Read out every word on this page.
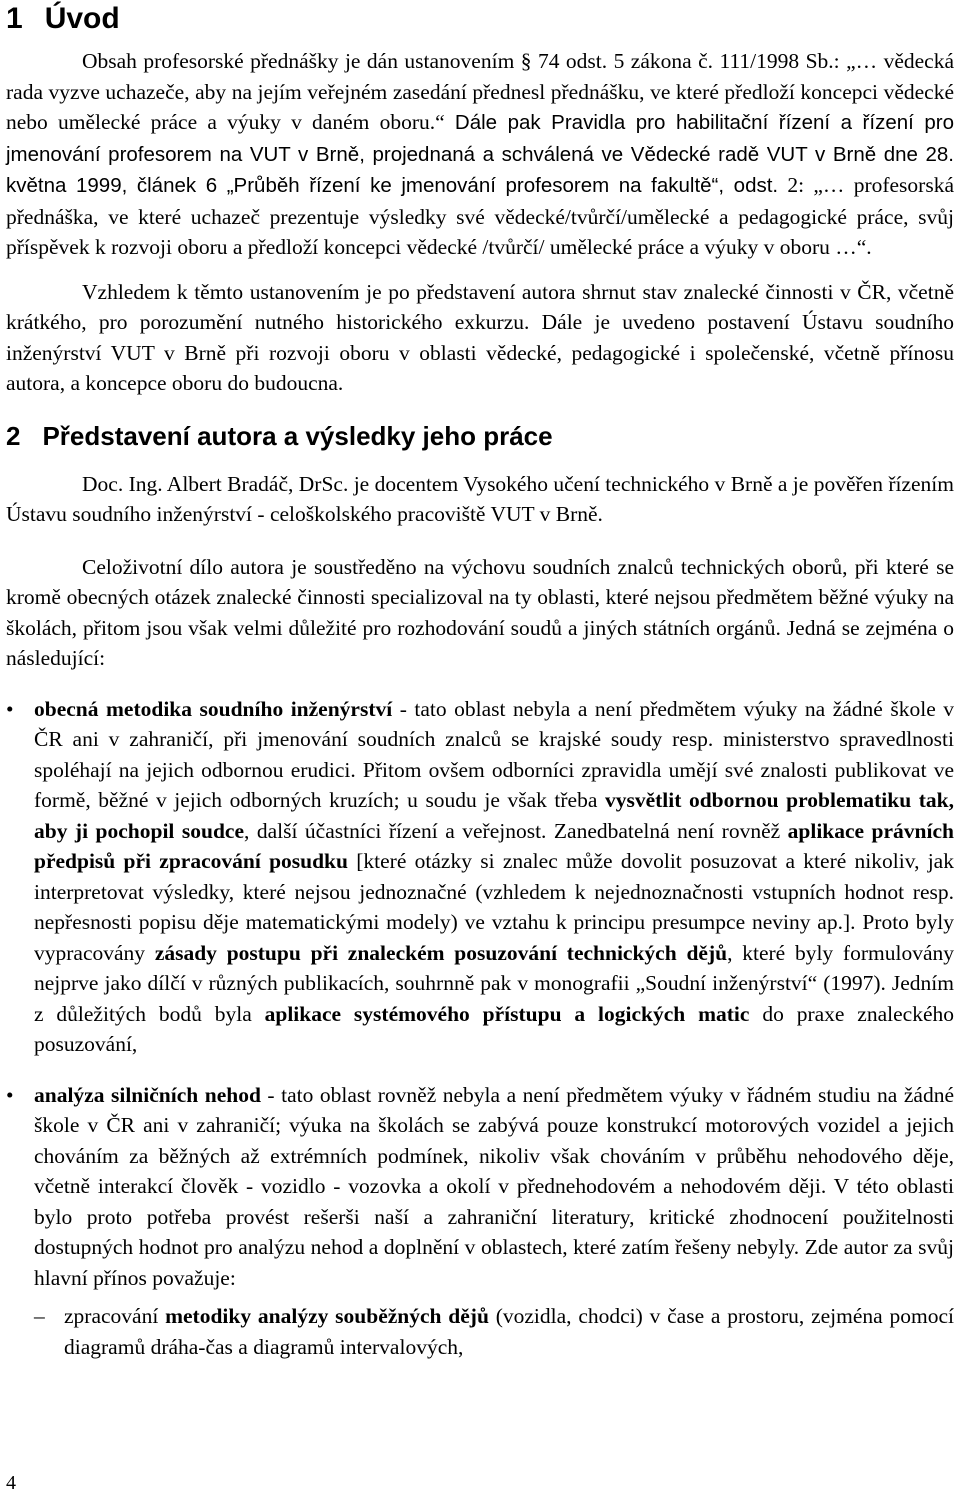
1 Úvod

Obsah profesorské přednášky je dán ustanovením § 74 odst. 5 zákona č. 111/1998 Sb.: „… vědecká rada vyzve uchazeče, aby na jejím veřejném zasedání přednesl přednášku, ve které předloží koncepci vědecké nebo umělecké práce a výuky v daném oboru.“ Dále pak Pravidla pro habilitační řízení a řízení pro jmenování profesorem na VUT v Brně, projednaná a schválená ve Vědecké radě VUT v Brně dne 28. května 1999, článek 6 „Průběh řízení ke jmenování profesorem na fakultě“, odst. 2: „… profesorská přednáška, ve které uchazeč prezentuje výsledky své vědecké/tvůrčí/umělecké a pedagogické práce, svůj příspěvek k rozvoji oboru a předloží koncepci vědecké /tvůrčí/ umělecké práce a výuky v oboru …“.

Vzhledem k těmto ustanovením je po představení autora shrnut stav znalecké činnosti v ČR, včetně krátkého, pro porozumění nutného historického exkurzu. Dále je uvedeno postavení Ústavu soudního inženýrství VUT v Brně při rozvoji oboru v oblasti vědecké, pedagogické i společenské, včetně přínosu autora, a koncepce oboru do budoucna.

2 Představení autora a výsledky jeho práce

Doc. Ing. Albert Bradáč, DrSc. je docentem Vysokého učení technického v Brně a je pověřen řízením Ústavu soudního inženýrství - celoškolského pracoviště VUT v Brně.

Celoživotní dílo autora je soustředěno na výchovu soudních znalců technických oborů, při které se kromě obecných otázek znalecké činnosti specializoval na ty oblasti, které nejsou předmětem běžné výuky na školách, přitom jsou však velmi důležité pro rozhodování soudů a jiných státních orgánů. Jedná se zejména o následující:

• obecná metodika soudního inženýrství - tato oblast nebyla a není předmětem výuky na žádné škole v ČR ani v zahraničí, při jmenování soudních znalců se krajské soudy resp. ministerstvo spravedlnosti spoléhají na jejich odbornou erudici. Přitom ovšem odborníci zpravidla umějí své znalosti publikovat ve formě, běžné v jejich odborných kruzích; u soudu je však třeba vysvětlit odbornou problematiku tak, aby ji pochopil soudce, další účastníci řízení a veřejnost. Zanedbatelná není rovněž aplikace právních předpisů při zpracování posudku [které otázky si znalec může dovolit posuzovat a které nikoliv, jak interpretovat výsledky, které nejsou jednoznačné (vzhledem k nejednoznačnosti vstupních hodnot resp. nepřesnosti popisu děje matematickými modely) ve vztahu k principu presumpce neviny ap.]. Proto byly vypracovány zásady postupu při znaleckém posuzování technických dějů, které byly formulovány nejprve jako dílčí v různých publikacích, souhrnně pak v monografii „Soudní inženýrství“ (1997). Jedním z důležitých bodů byla aplikace systémového přístupu a logických matic do praxe znaleckého posuzování,
• analýza silničních nehod - tato oblast rovněž nebyla a není předmětem výuky v řádném studiu na žádné škole v ČR ani v zahraničí; výuka na školách se zabývá pouze konstrukcí motorových vozidel a jejich chováním za běžných až extrémních podmínek, nikoliv však chováním v průběhu nehodového děje, včetně interakcí člověk - vozidlo - vozovka a okolí v přednehodovém a nehodovém ději. V této oblasti bylo proto potřeba provést rešerši naší a zahraniční literatury, kritické zhodnocení použitelnosti dostupných hodnot pro analýzu nehod a doplnění v oblastech, které zatím řešeny nebyly. Zde autor za svůj hlavní přínos považuje:
– zpracování metodiky analýzy souběžných dějů (vozidla, chodci) v čase a prostoru, zejména pomocí diagramů dráha-čas a diagramů intervalových,
4
